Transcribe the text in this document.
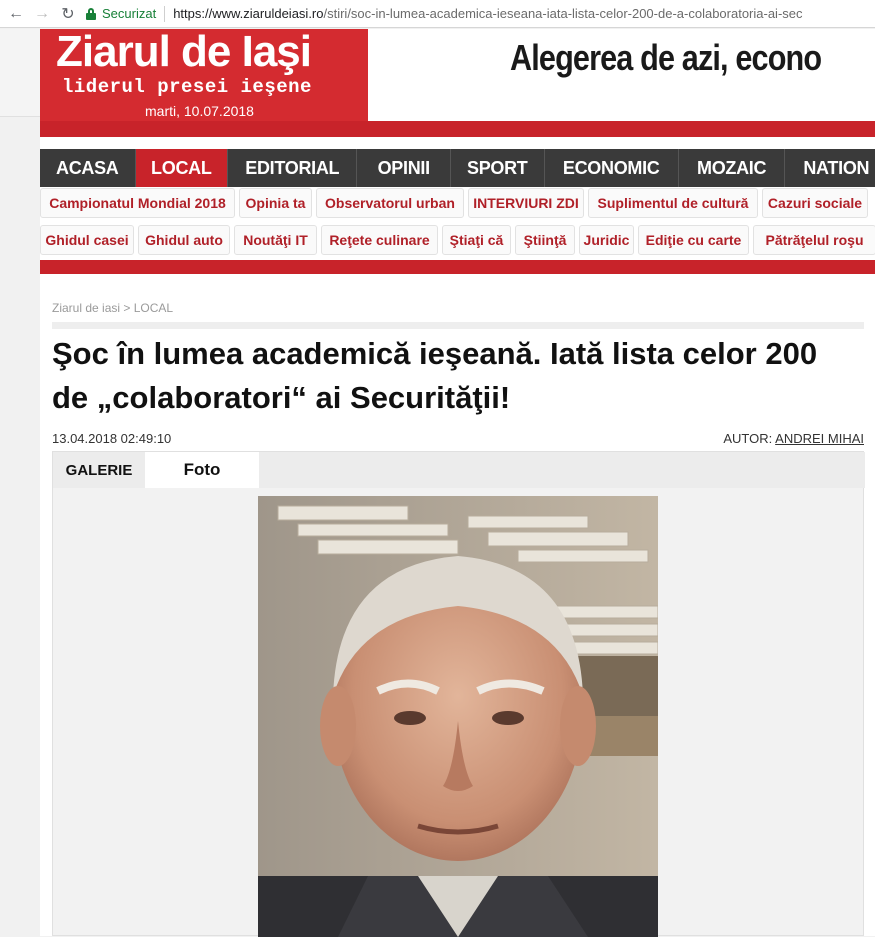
← → ↻ Securizat https://www.ziaruldeiasi.ro /stiri/soc-in-lumea-academica-ieseana-iata-lista-celor-200-de-a-colaboratoria-ai-sec
Ziarul de Iaşi
liderul presei ieşene
marti, 10.07.2018
Alegerea de azi, econo
ACASA	LOCAL	EDITORIAL	OPINII	SPORT	ECONOMIC	MOZAIC	NATION
Campionatul Mondial 2018	Opinia ta	Observatorul urban	INTERVIURI ZDI	Suplimentul de cultură	Cazuri sociale
Ghidul casei	Ghidul auto	Noutăţi IT	Reţete culinare	Ştiaţi că	Ştiinţă	Juridic	Ediţie cu carte	Pătrăţelul roşu
Ziarul de iasi > LOCAL
Şoc în lumea academică ieşeană. Iată lista celor 200 de „colaboratori“ ai Securităţii!
13.04.2018 02:49:10	AUTOR: ANDREI MIHAI
GALERIE	Foto
